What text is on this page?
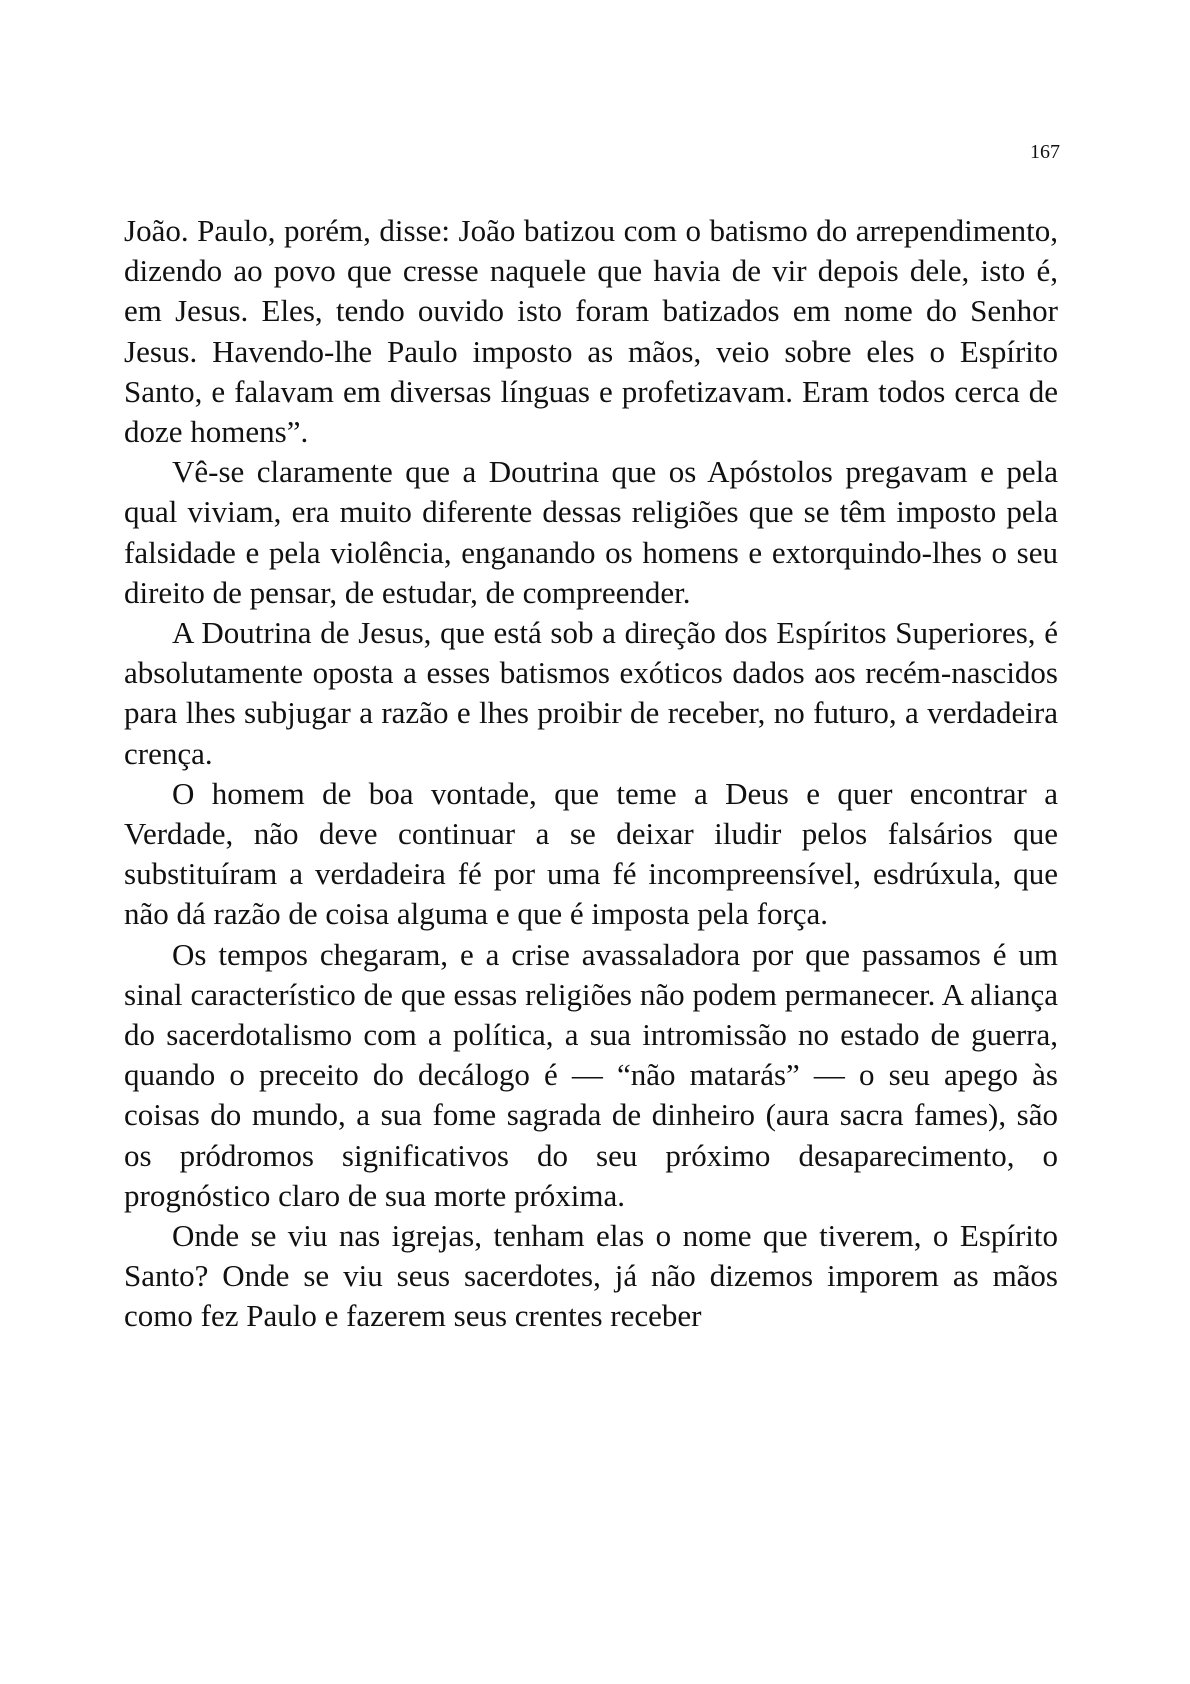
167

João. Paulo, porém, disse: João batizou com o batismo do arrependimento, dizendo ao povo que cresse naquele que havia de vir depois dele, isto é, em Jesus. Eles, tendo ouvido isto foram batizados em nome do Senhor Jesus. Havendo-lhe Paulo imposto as mãos, veio sobre eles o Espírito Santo, e falavam em diversas línguas e profetizavam. Eram todos cerca de doze homens”.

Vê-se claramente que a Doutrina que os Apóstolos pregavam e pela qual viviam, era muito diferente dessas religiões que se têm imposto pela falsidade e pela violência, enganando os homens e extorquindo-lhes o seu direito de pensar, de estudar, de compreender.

A Doutrina de Jesus, que está sob a direção dos Espíritos Superiores, é absolutamente oposta a esses batismos exóticos dados aos recém-nascidos para lhes subjugar a razão e lhes proibir de receber, no futuro, a verdadeira crença.

O homem de boa vontade, que teme a Deus e quer encontrar a Verdade, não deve continuar a se deixar iludir pelos falsários que substituíram a verdadeira fé por uma fé incompreensível, esdrúxula, que não dá razão de coisa alguma e que é imposta pela força.

Os tempos chegaram, e a crise avassaladora por que passamos é um sinal característico de que essas religiões não podem permanecer. A aliança do sacerdotalismo com a política, a sua intromissão no estado de guerra, quando o preceito do decálogo é — “não matarás” — o seu apego às coisas do mundo, a sua fome sagrada de dinheiro (aura sacra fames), são os pródromos significativos do seu próximo desaparecimento, o prognóstico claro de sua morte próxima.

Onde se viu nas igrejas, tenham elas o nome que tiverem, o Espírito Santo? Onde se viu seus sacerdotes, já não dizemos imporem as mãos como fez Paulo e fazerem seus crentes receber
